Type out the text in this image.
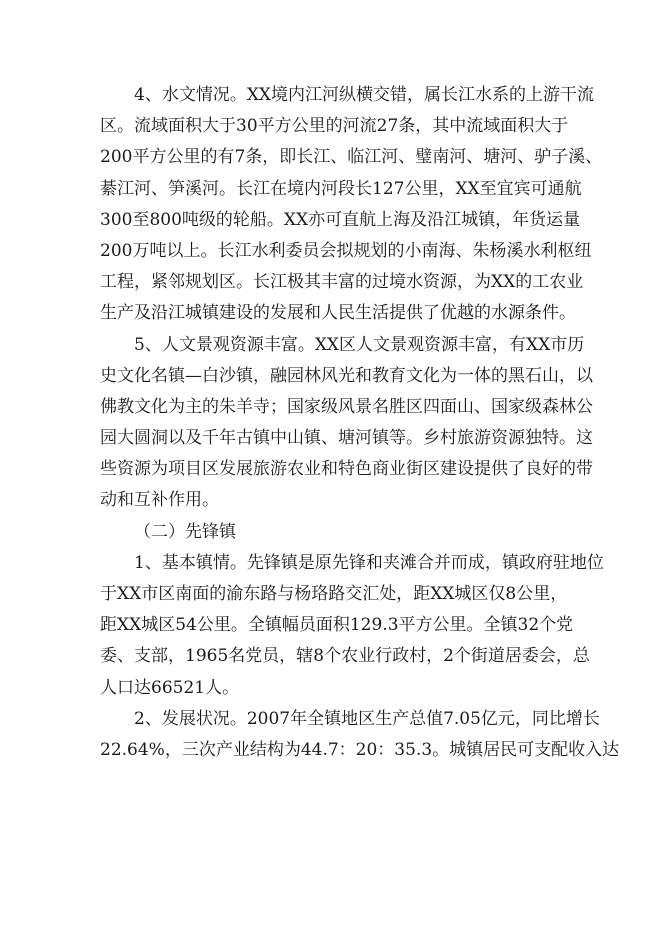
4、水文情况。XX境内江河纵横交错，属长江水系的上游干流
区。流域面积大于30平方公里的河流27条，其中流域面积大于
200平方公里的有7条，即长江、临江河、璧南河、塘河、驴子溪、
綦江河、笋溪河。长江在境内河段长127公里，XX至宜宾可通航
300至800吨级的轮船。XX亦可直航上海及沿江城镇，年货运量
200万吨以上。长江水利委员会拟规划的小南海、朱杨溪水利枢纽
工程，紧邻规划区。长江极其丰富的过境水资源，为XX的工农业
生产及沿江城镇建设的发展和人民生活提供了优越的水源条件。
5、人文景观资源丰富。XX区人文景观资源丰富，有XX市历
史文化名镇—白沙镇，融园林风光和教育文化为一体的黑石山，以
佛教文化为主的朱羊寺；国家级风景名胜区四面山、国家级森林公
园大圆洞以及千年古镇中山镇、塘河镇等。乡村旅游资源独特。这
些资源为项目区发展旅游农业和特色商业街区建设提供了良好的带
动和互补作用。
（二）先锋镇
1、基本镇情。先锋镇是原先锋和夹滩合并而成，镇政府驻地位
于XX市区南面的渝东路与杨珞路交汇处，距XX城区仅8公里，
距XX城区54公里。全镇幅员面积129.3平方公里。全镇32个党
委、支部，1965名党员，辖8个农业行政村，2个街道居委会，总
人口达66521人。
2、发展状况。2007年全镇地区生产总值7.05亿元，同比增长
22.64%，三次产业结构为44.7：20：35.3。城镇居民可支配收入达
